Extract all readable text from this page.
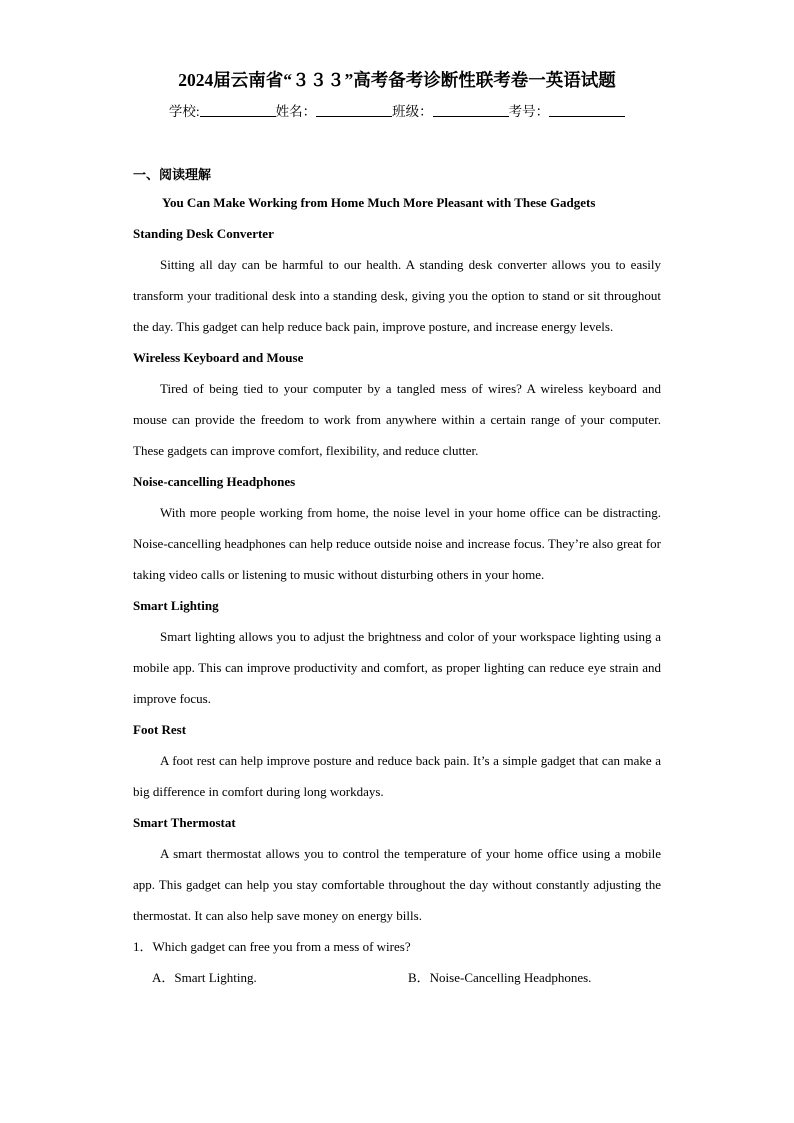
2024届云南省“３３３”高考备考诊断性联考卷一英语试题
学校:	姓名：	班级：	考号：
一、阅读理解
You Can Make Working from Home Much More Pleasant with These Gadgets
Standing Desk Converter

Sitting all day can be harmful to our health. A standing desk converter allows you to easily transform your traditional desk into a standing desk, giving you the option to stand or sit throughout the day. This gadget can help reduce back pain, improve posture, and increase energy levels.

Wireless Keyboard and Mouse

Tired of being tied to your computer by a tangled mess of wires? A wireless keyboard and mouse can provide the freedom to work from anywhere within a certain range of your computer. These gadgets can improve comfort, flexibility, and reduce clutter.

Noise-cancelling Headphones

With more people working from home, the noise level in your home office can be distracting. Noise-cancelling headphones can help reduce outside noise and increase focus. They’re also great for taking video calls or listening to music without disturbing others in your home.

Smart Lighting

Smart lighting allows you to adjust the brightness and color of your workspace lighting using a mobile app. This can improve productivity and comfort, as proper lighting can reduce eye strain and improve focus.

Foot Rest

A foot rest can help improve posture and reduce back pain. It’s a simple gadget that can make a big difference in comfort during long workdays.

Smart Thermostat

A smart thermostat allows you to control the temperature of your home office using a mobile app. This gadget can help you stay comfortable throughout the day without constantly adjusting the thermostat. It can also help save money on energy bills.

1．Which gadget can free you from a mess of wires?
A．Smart Lighting.	B．Noise-Cancelling Headphones.
